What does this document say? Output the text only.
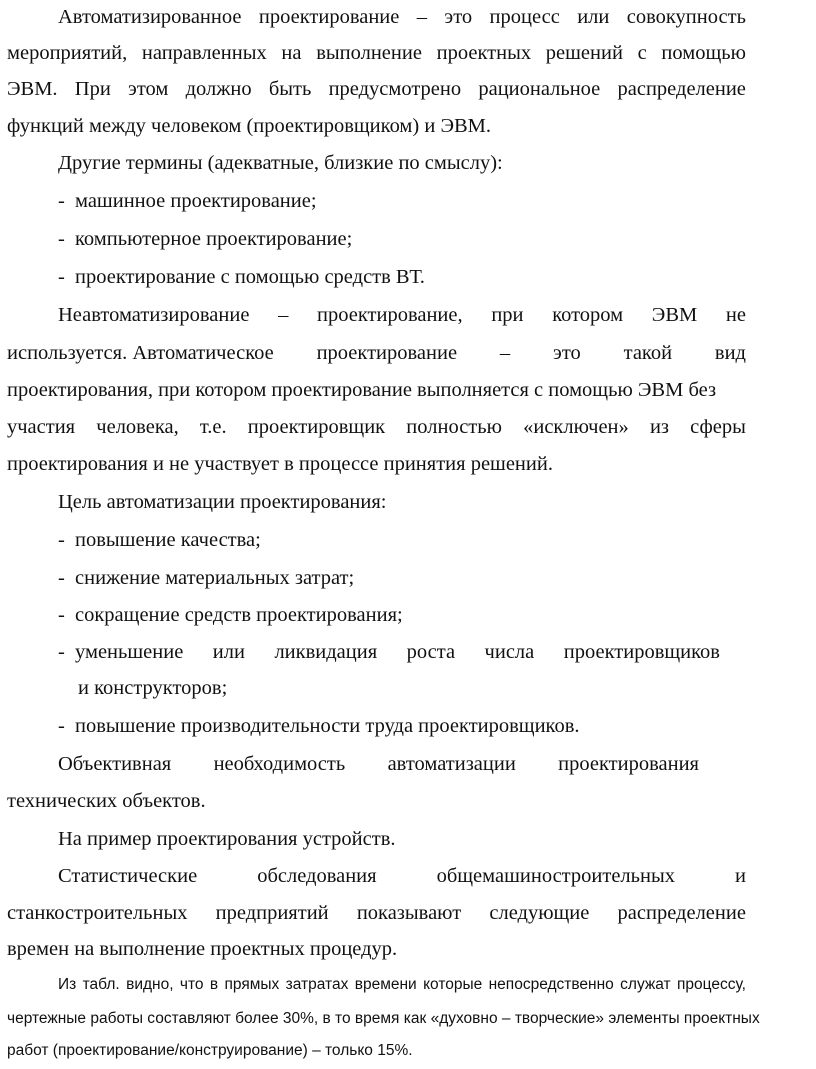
Автоматизированное проектирование – это процесс или совокупность
мероприятий, направленных на выполнение проектных решений с помощью
ЭВМ. При этом должно быть предусмотрено рациональное распределение
функций между человеком (проектировщиком) и ЭВМ.
Другие термины (адекватные, близкие по смыслу):
- машинное проектирование;
- компьютерное проектирование;
- проектирование с помощью средств ВТ.
Неавтоматизирование – проектирование, при котором ЭВМ не
используется. Автоматическое проектирование – это такой вид
проектирования, при котором проектирование выполняется с помощью ЭВМ без
участия человека, т.е. проектировщик полностью «исключен» из сферы
проектирования и не участвует в процессе принятия решений.
Цель автоматизации проектирования:
- повышение качества;
- снижение материальных затрат;
- сокращение средств проектирования;
- уменьшение или ликвидация роста числа проектировщиков
и конструкторов;
- повышение производительности труда проектировщиков.
Объективная необходимость автоматизации проектирования
технических объектов.
На пример проектирования устройств.
Статистические	обследования	общемашиностроительных	и
станкостроительных предприятий показывают следующие распределение
времен на выполнение проектных процедур.
Из табл. видно, что в прямых затратах времени которые непосредственно служат процессу,
чертежные работы составляют более 30%, в то время как «духовно – творческие» элементы проектных
работ (проектирование/конструирование) – только 15%.
